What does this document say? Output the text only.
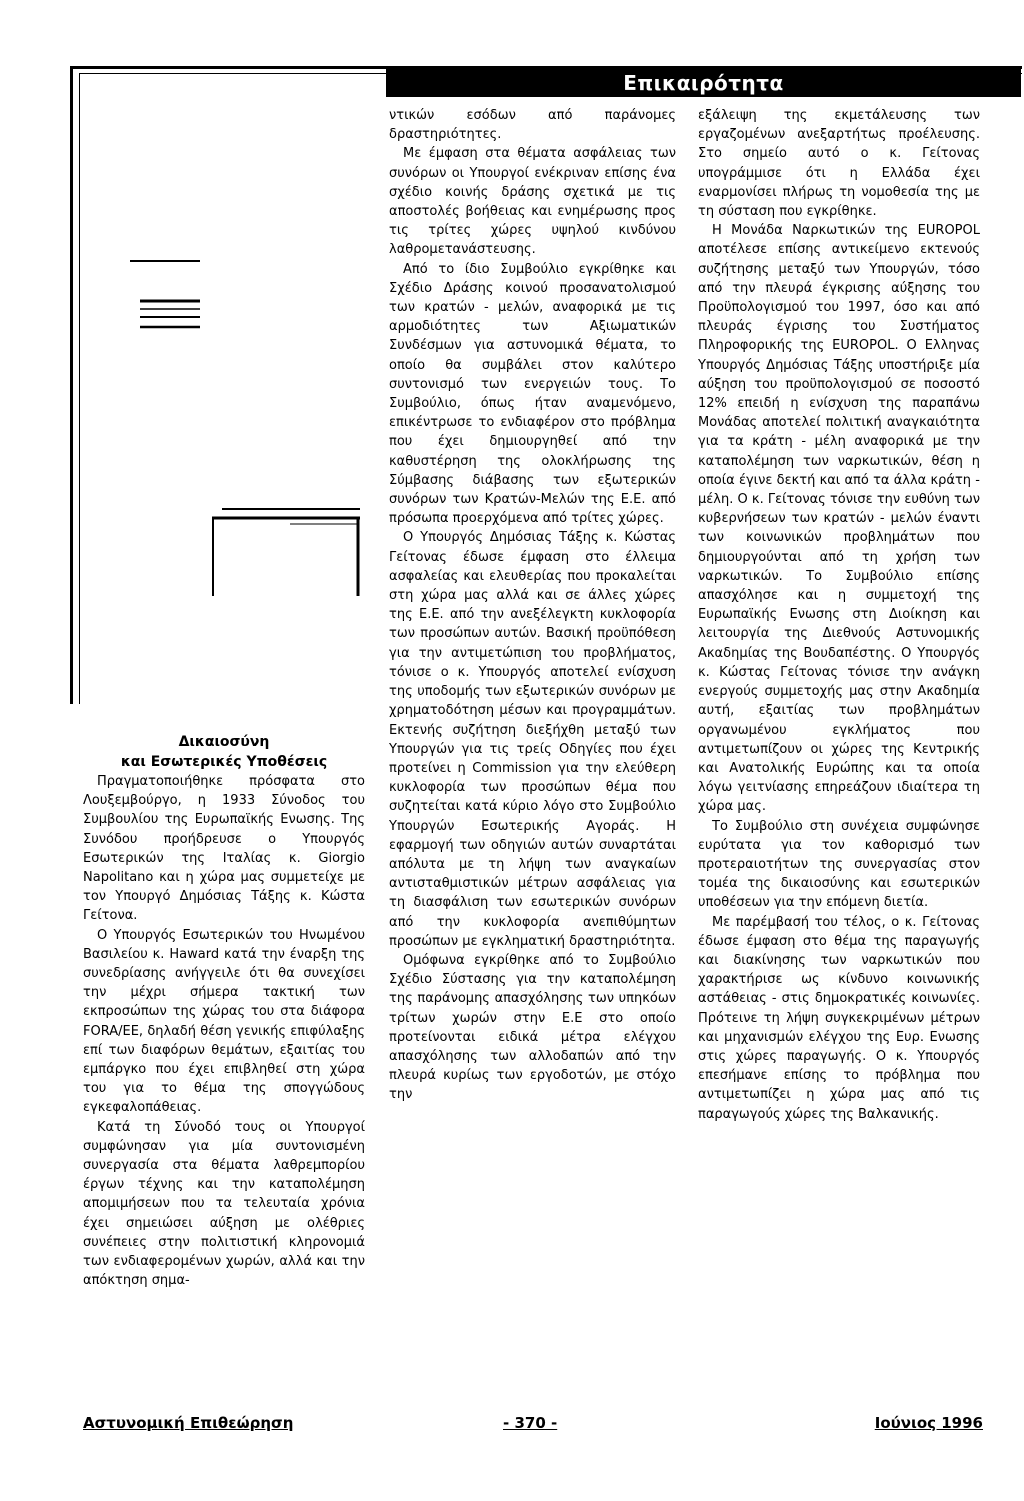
Επικαιρότητα
Δικαιοσύνη
και Εσωτερικές Υποθέσεις

Πραγματοποιήθηκε πρόσφατα στο Λουξεμβούργο, η 1933 Σύνοδος του Συμβουλίου της Ευρωπαϊκής Ενωσης. Της Συνόδου προήδρευσε ο Υπουργός Εσωτερικών της Ιταλίας κ. Giorgio Napolitano και η χώρα μας συμμετείχε με τον Υπουργό Δημόσιας Τάξης κ. Κώστα Γείτονα.

Ο Υπουργός Εσωτερικών του Ηνωμένου Βασιλείου κ. Haward κατά την έναρξη της συνεδρίασης ανήγγειλε ότι θα συνεχίσει την μέχρι σήμερα τακτική των εκπροσώπων της χώρας του στα διάφορα FORA/ΕΕ, δηλαδή θέση γενικής επιφύλαξης επί των διαφόρων θεμάτων, εξαιτίας του εμπάργκο που έχει επιβληθεί στη χώρα του για το θέμα της σπογγώδους εγκεφαλοπάθειας.

Κατά τη Σύνοδό τους οι Υπουργοί συμφώνησαν για μία συντονισμένη συνεργασία στα θέματα λαθρεμπορίου έργων τέχνης και την καταπολέμηση απομιμήσεων που τα τελευταία χρόνια έχει σημειώσει αύξηση με ολέθριες συνέπειες στην πολιτιστική κληρονομιά των ενδιαφερομένων χωρών, αλλά και την απόκτηση σημα-

ντικών εσόδων από παράνομες δραστηριότητες.

Με έμφαση στα θέματα ασφάλειας των συνόρων οι Υπουργοί ενέκριναν επίσης ένα σχέδιο κοινής δράσης σχετικά με τις αποστολές βοήθειας και ενημέρωσης προς τις τρίτες χώρες υψηλού κινδύνου λαθρομετανάστευσης.

Από το ίδιο Συμβούλιο εγκρίθηκε και Σχέδιο Δράσης κοινού προσανατολισμού των κρατών - μελών, αναφορικά με τις αρμοδιότητες των Αξιωματικών Συνδέσμων για αστυνομικά θέματα, το οποίο θα συμβάλει στον καλύτερο συντονισμό των ενεργειών τους. Το Συμβούλιο, όπως ήταν αναμενόμενο, επικέντρωσε το ενδιαφέρον στο πρόβλημα που έχει δημιουργηθεί από την καθυστέρηση της ολοκλήρωσης της Σύμβασης διάβασης των εξωτερικών συνόρων των Κρατών-Μελών της Ε.Ε. από πρόσωπα προερχόμενα από τρίτες χώρες.

Ο Υπουργός Δημόσιας Τάξης κ. Κώστας Γείτονας έδωσε έμφαση στο έλλειμα ασφαλείας και ελευθερίας που προκαλείται στη χώρα μας αλλά και σε άλλες χώρες της Ε.Ε. από την ανεξέλεγκτη κυκλοφορία των προσώπων αυτών. Βασική προϋπόθεση για την αντιμετώπιση του προβλήματος, τόνισε ο κ. Υπουργός αποτελεί ενίσχυση της υποδομής των εξωτερικών συνόρων με χρηματοδότηση μέσων και προγραμμάτων. Εκτενής συζήτηση διεξήχθη μεταξύ των Υπουργών για τις τρείς Οδηγίες που έχει προτείνει η Commission για την ελεύθερη κυκλοφορία των προσώπων θέμα που συζητείται κατά κύριο λόγο στο Συμβούλιο Υπουργών Εσωτερικής Αγοράς. Η εφαρμογή των οδηγιών αυτών συναρτάται απόλυτα με τη λήψη των αναγκαίων αντισταθμιστικών μέτρων ασφάλειας για τη διασφάλιση των εσωτερικών συνόρων από την κυκλοφορία ανεπιθύμητων προσώπων με εγκληματική δραστηριότητα.

Ομόφωνα εγκρίθηκε από το Συμβούλιο Σχέδιο Σύστασης για την καταπολέμηση της παράνομης απασχόλησης των υπηκόων τρίτων χωρών στην Ε.Ε στο οποίο προτείνονται ειδικά μέτρα ελέγχου απασχόλησης των αλλοδαπών από την πλευρά κυρίως των εργοδοτών, με στόχο την

εξάλειψη της εκμετάλευσης των εργαζομένων ανεξαρτήτως προέλευσης. Στο σημείο αυτό ο κ. Γείτονας υπογράμμισε ότι η Ελλάδα έχει εναρμονίσει πλήρως τη νομοθεσία της με τη σύσταση που εγκρίθηκε.

Η Μονάδα Ναρκωτικών της EUROPOL αποτέλεσε επίσης αντικείμενο εκτενούς συζήτησης μεταξύ των Υπουργών, τόσο από την πλευρά έγκρισης αύξησης του Προϋπολογισμού του 1997, όσο και από πλευράς έγρισης του Συστήματος Πληροφορικής της EUROPOL. Ο Ελληνας Υπουργός Δημόσιας Τάξης υποστήριξε μία αύξηση του προϋπολογισμού σε ποσοστό 12% επειδή η ενίσχυση της παραπάνω Μονάδας αποτελεί πολιτική αναγκαιότητα για τα κράτη - μέλη αναφορικά με την καταπολέμηση των ναρκωτικών, θέση η οποία έγινε δεκτή και από τα άλλα κράτη - μέλη. Ο κ. Γείτονας τόνισε την ευθύνη των κυβερνήσεων των κρατών - μελών έναντι των κοινωνικών προβλημάτων που δημιουργούνται από τη χρήση των ναρκωτικών. Το Συμβούλιο επίσης απασχόλησε και η συμμετοχή της Ευρωπαϊκής Ενωσης στη Διοίκηση και λειτουργία της Διεθνούς Αστυνομικής Ακαδημίας της Βουδαπέστης. Ο Υπουργός κ. Κώστας Γείτονας τόνισε την ανάγκη ενεργούς συμμετοχής μας στην Ακαδημία αυτή, εξαιτίας των προβλημάτων οργανωμένου εγκλήματος που αντιμετωπίζουν οι χώρες της Κεντρικής και Ανατολικής Ευρώπης και τα οποία λόγω γειτνίασης επηρεάζουν ιδιαίτερα τη χώρα μας.

Το Συμβούλιο στη συνέχεια συμφώνησε ευρύτατα για τον καθορισμό των προτεραιοτήτων της συνεργασίας στον τομέα της δικαιοσύνης και εσωτερικών υποθέσεων για την επόμενη διετία.

Με παρέμβασή του τέλος, ο κ. Γείτονας έδωσε έμφαση στο θέμα της παραγωγής και διακίνησης των ναρκωτικών που χαρακτήρισε ως κίνδυνο κοινωνικής αστάθειας - στις δημοκρατικές κοινωνίες. Πρότεινε τη λήψη συγκεκριμένων μέτρων και μηχανισμών ελέγχου της Ευρ. Ενωσης στις χώρες παραγωγής. Ο κ. Υπουργός επεσήμανε επίσης το πρόβλημα που αντιμετωπίζει η χώρα μας από τις παραγωγούς χώρες της Βαλκανικής.

Αστυνομική Επιθεώρηση	- 370 -	Ιούνιος 1996
